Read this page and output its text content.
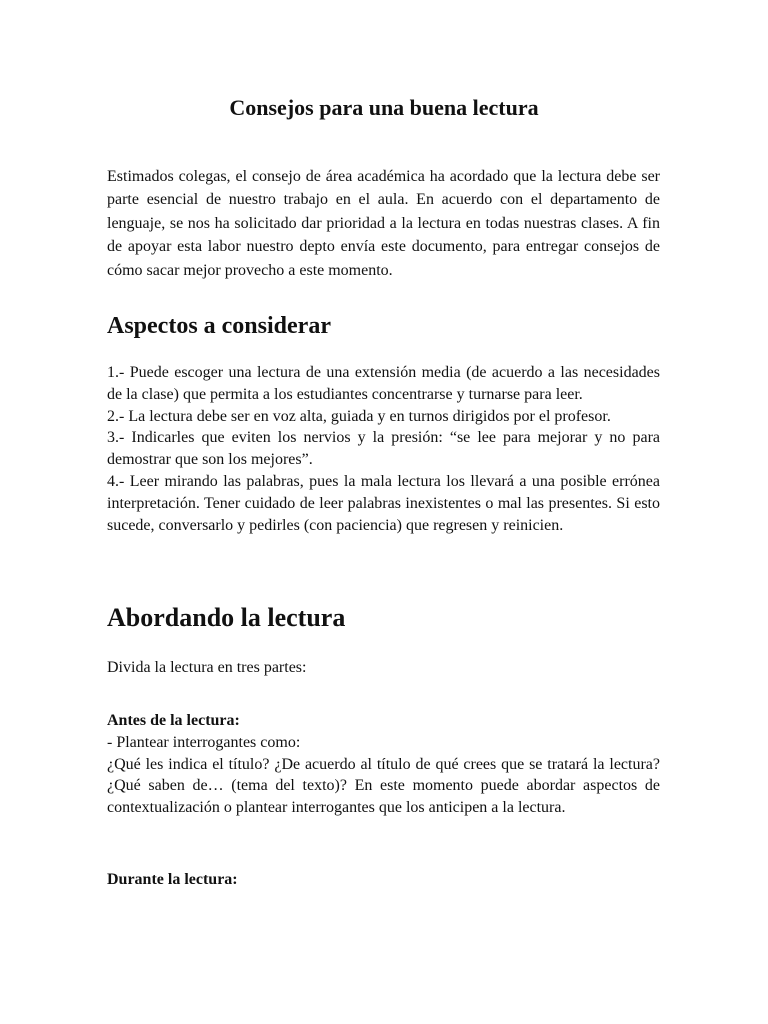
Consejos para una buena lectura

Estimados colegas, el consejo de área académica ha acordado que la lectura debe ser parte esencial de nuestro trabajo en el aula. En acuerdo con el departamento de lenguaje, se nos ha solicitado dar prioridad a la lectura en todas nuestras clases. A fin de apoyar esta labor nuestro depto envía este documento, para entregar consejos de cómo sacar mejor provecho a este momento.

Aspectos a considerar
1.- Puede escoger una lectura de una extensión media (de acuerdo a las necesidades de la clase) que permita a los estudiantes concentrarse y turnarse para leer.
2.- La lectura debe ser en voz alta, guiada y en turnos dirigidos por el profesor.
3.- Indicarles que eviten los nervios y la presión: “se lee para mejorar y no para demostrar que son los mejores”.
4.- Leer mirando las palabras, pues la mala lectura los llevará a una posible errónea interpretación. Tener cuidado de leer palabras inexistentes o mal las presentes. Si esto sucede, conversarlo y pedirles (con paciencia) que regresen y reinicien.
Abordando la lectura

Divida la lectura en tres partes:

Antes de la lectura:

- Plantear interrogantes como:
¿Qué les indica el título? ¿De acuerdo al título de qué crees que se tratará la lectura? ¿Qué saben de… (tema del texto)? En este momento puede abordar aspectos de contextualización o plantear interrogantes que los anticipen a la lectura.

Durante la lectura:
